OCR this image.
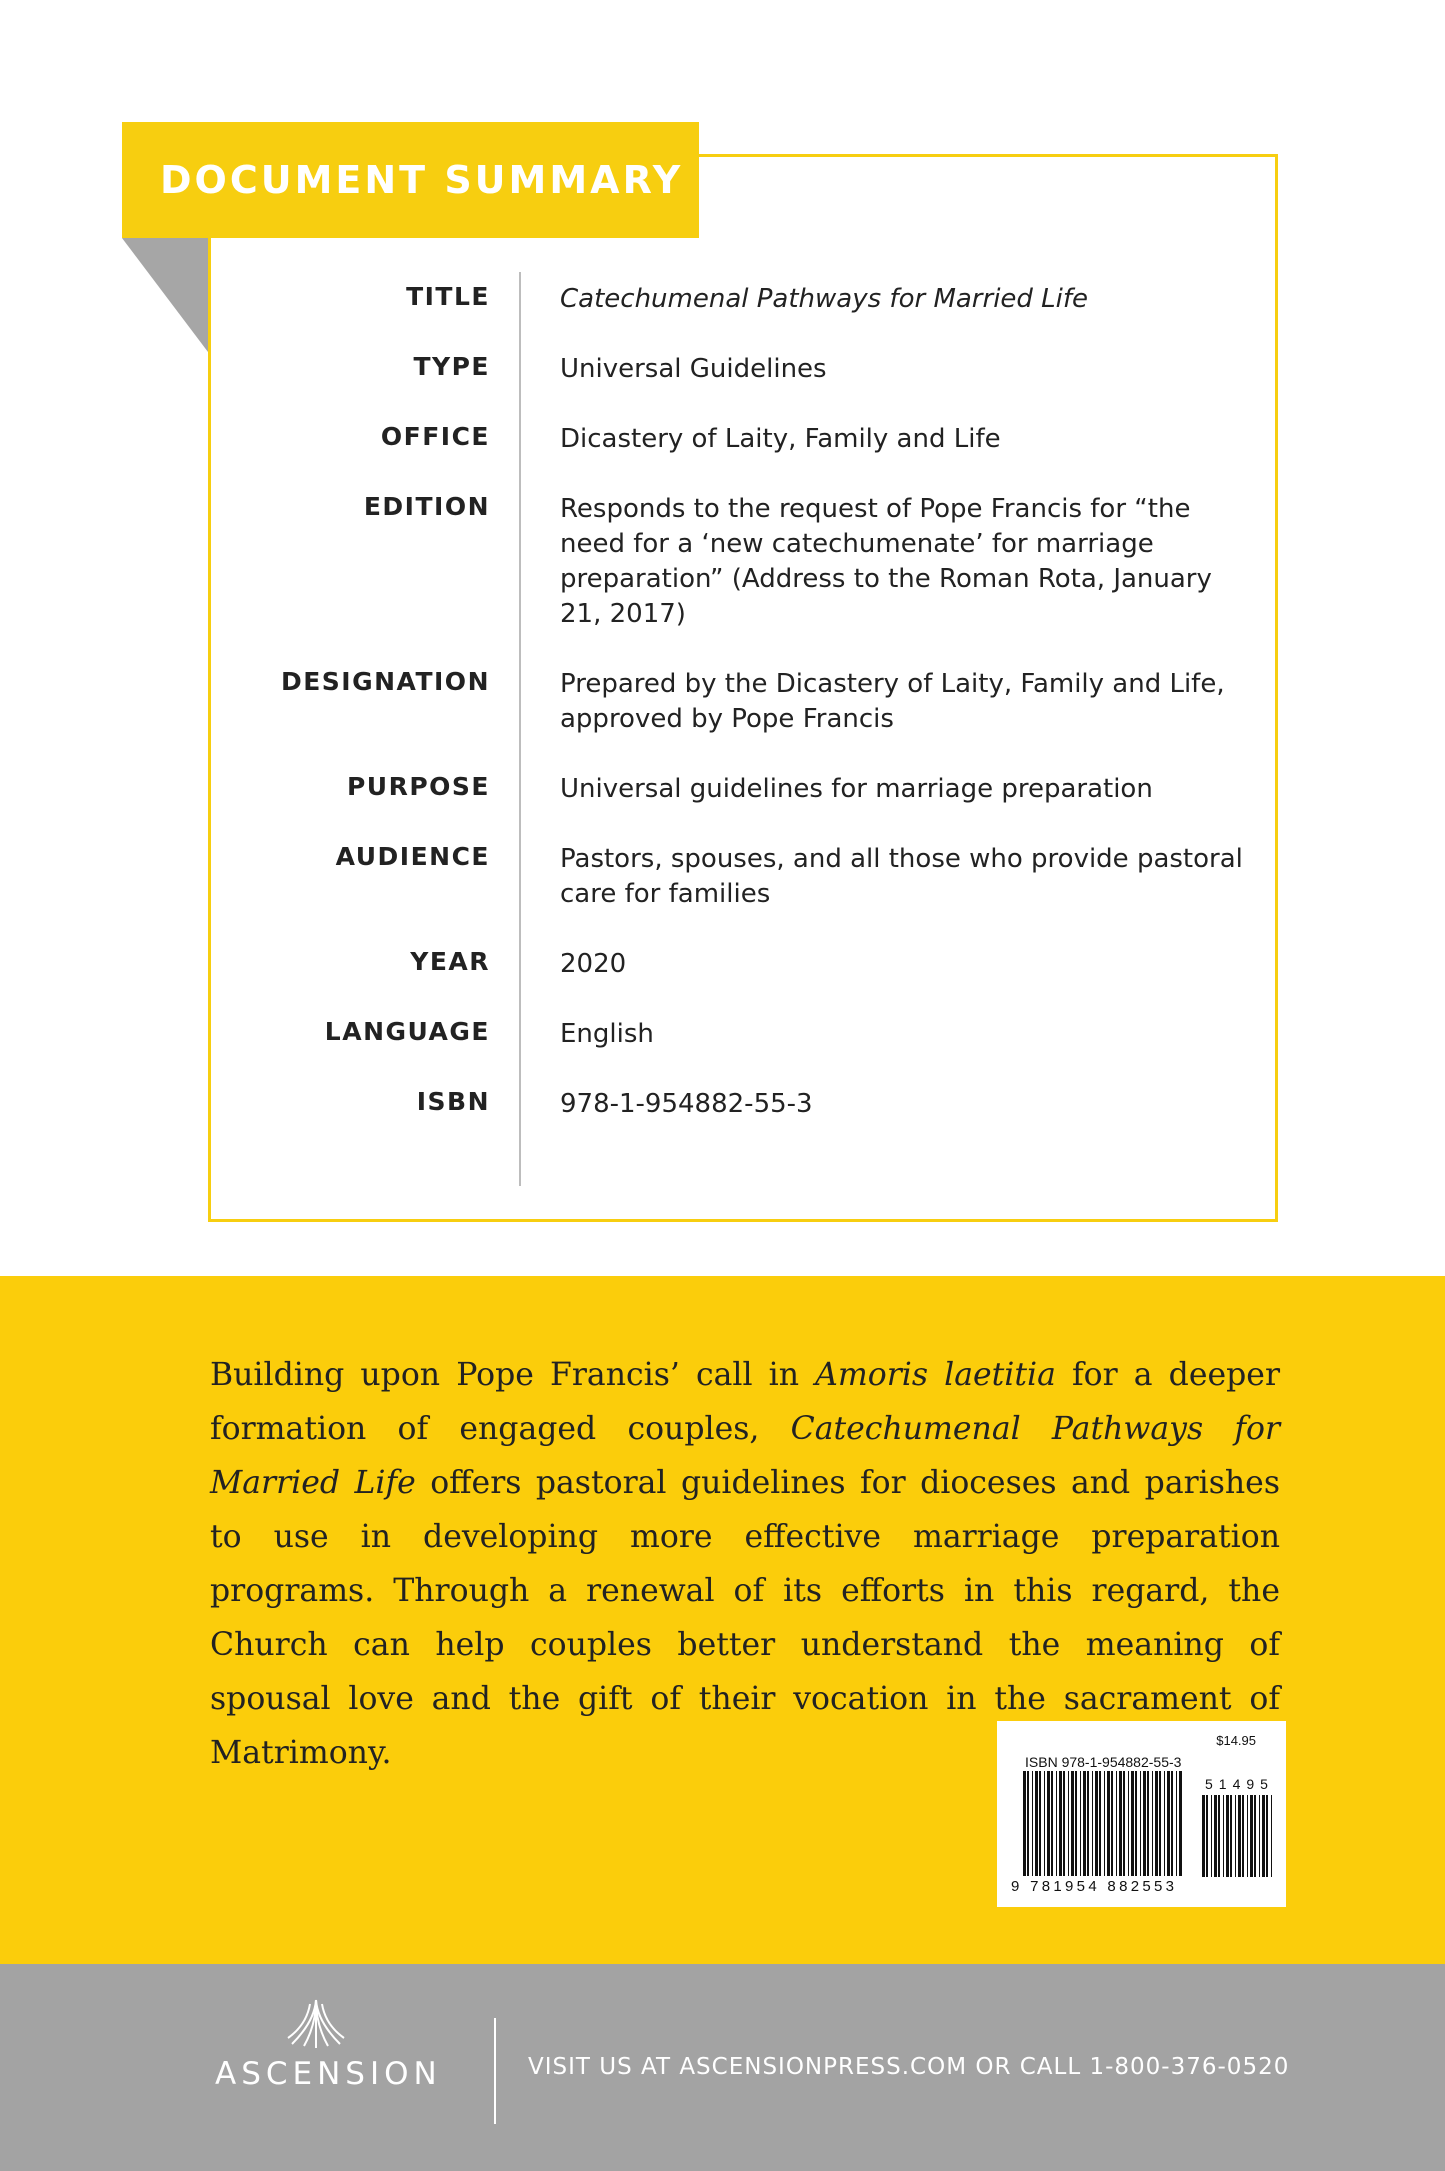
DOCUMENT SUMMARY
TITLE	Catechumenal Pathways for Married Life
TYPE	Universal Guidelines
OFFICE	Dicastery of Laity, Family and Life
EDITION	Responds to the request of Pope Francis for “the need for a ‘new catechumenate’ for marriage preparation” (Address to the Roman Rota, January 21, 2017)
DESIGNATION	Prepared by the Dicastery of Laity, Family and Life, approved by Pope Francis
PURPOSE	Universal guidelines for marriage preparation
AUDIENCE	Pastors, spouses, and all those who provide pastoral care for families
YEAR	2020
LANGUAGE	English
ISBN	978-1-954882-55-3
Building upon Pope Francis’ call in Amoris laetitia for a deeper formation of engaged couples, Catechumenal Pathways for Married Life offers pastoral guidelines for dioceses and parishes to use in developing more effective marriage preparation programs. Through a renewal of its efforts in this regard, the Church can help couples better understand the meaning of spousal love and the gift of their vocation in the sacrament of Matrimony.	$14.95
ISBN 978-1-954882-55-3
51495
9 781954 882553
ASCENSION	VISIT US AT ASCENSIONPRESS.COM OR CALL 1-800-376-0520
